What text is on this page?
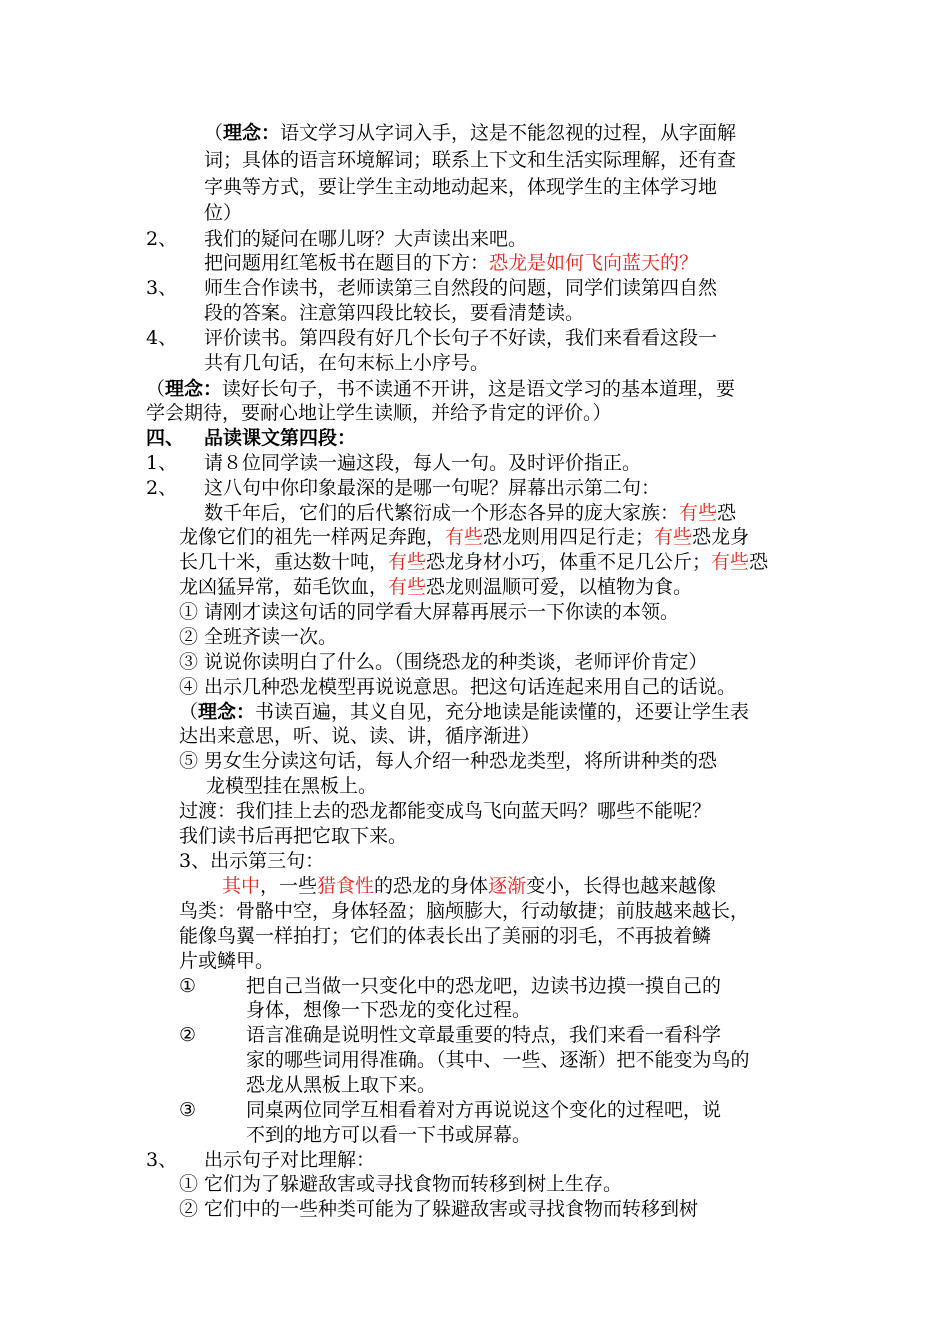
（理念：语文学习从字词入手，这是不能忽视的过程，从字面解
词；具体的语言环境解词；联系上下文和生活实际理解，还有查
字典等方式，要让学生主动地动起来，体现学生的主体学习地
位）
2、 我们的疑问在哪儿呀？大声读出来吧。
把问题用红笔板书在题目的下方：恐龙是如何飞向蓝天的？
3、 师生合作读书，老师读第三自然段的问题，同学们读第四自然
段的答案。注意第四段比较长，要看清楚读。
4、 评价读书。第四段有好几个长句子不好读，我们来看看这段一
共有几句话，在句末标上小序号。
（理念：读好长句子，书不读通不开讲，这是语文学习的基本道理，要
学会期待，要耐心地让学生读顺，并给予肯定的评价。）
四、 品读课文第四段：
1、 请８位同学读一遍这段，每人一句。及时评价指正。
2、 这八句中你印象最深的是哪一句呢？屏幕出示第二句：
数千年后，它们的后代繁衍成一个形态各异的庞大家族：有些恐
龙像它们的祖先一样两足奔跑，有些恐龙则用四足行走；有些恐龙身
长几十米，重达数十吨，有些恐龙身材小巧，体重不足几公斤；有些恐
龙凶猛异常，茹毛饮血，有些恐龙则温顺可爱，以植物为食。
① 请刚才读这句话的同学看大屏幕再展示一下你读的本领。
② 全班齐读一次。
③ 说说你读明白了什么。（围绕恐龙的种类谈，老师评价肯定）
④ 出示几种恐龙模型再说说意思。把这句话连起来用自己的话说。
（理念：书读百遍，其义自见，充分地读是能读懂的，还要让学生表
达出来意思，听、说、读、讲，循序渐进）
⑤ 男女生分读这句话，每人介绍一种恐龙类型，将所讲种类的恐
龙模型挂在黑板上。
过渡：我们挂上去的恐龙都能变成鸟飞向蓝天吗？哪些不能呢？
我们读书后再把它取下来。
3、出示第三句：
其中，一些猎食性的恐龙的身体逐渐变小，长得也越来越像
鸟类：骨骼中空，身体轻盈；脑颅膨大，行动敏捷；前肢越来越长，
能像鸟翼一样拍打；它们的体表长出了美丽的羽毛，不再披着鳞
片或鳞甲。
①	把自己当做一只变化中的恐龙吧，边读书边摸一摸自己的
身体，想像一下恐龙的变化过程。
②	语言准确是说明性文章最重要的特点，我们来看一看科学
家的哪些词用得准确。（其中、一些、逐渐）把不能变为鸟的
恐龙从黑板上取下来。
③	同桌两位同学互相看着对方再说说这个变化的过程吧，说
不到的地方可以看一下书或屏幕。
3、 出示句子对比理解：
① 它们为了躲避敌害或寻找食物而转移到树上生存。
② 它们中的一些种类可能为了躲避敌害或寻找食物而转移到树
